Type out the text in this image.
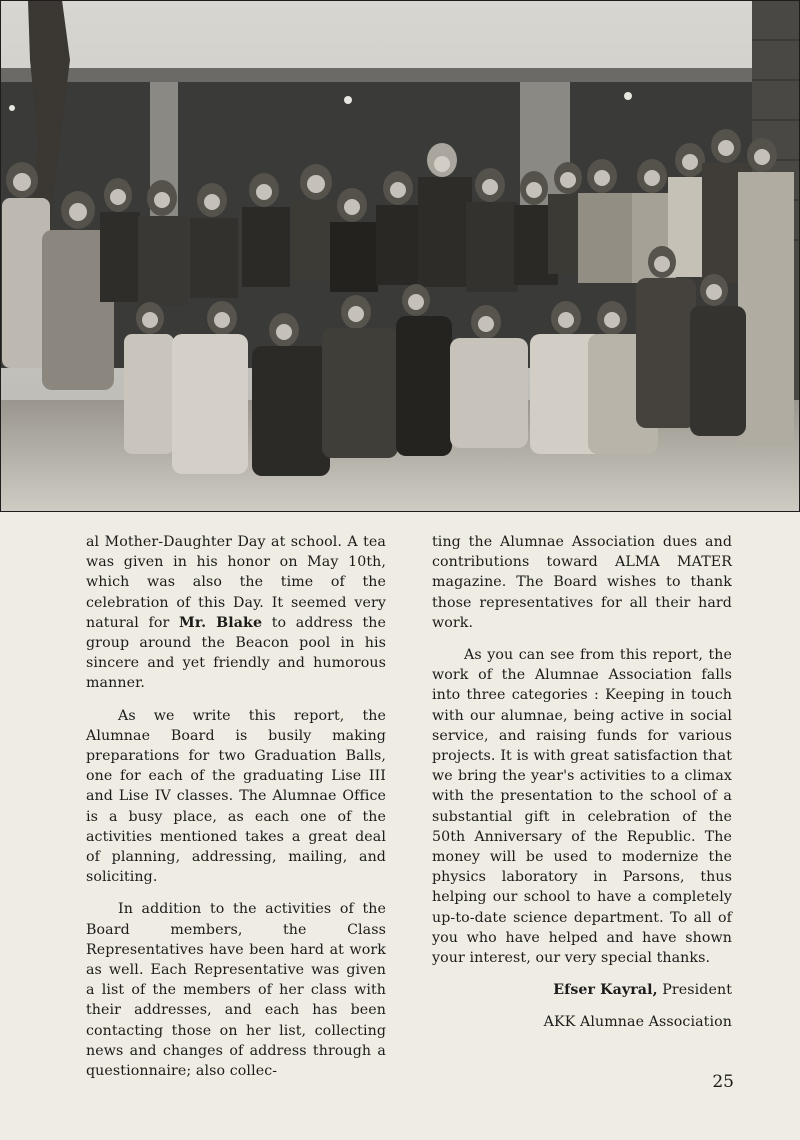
al Mother-Daughter Day at school. A tea was given in his honor on May 10th, which was also the time of the celebration of this Day. It seemed very natural for Mr. Blake to address the group around the Beacon pool in his sincere and yet friendly and humorous manner.

As we write this report, the Alumnae Board is busily making preparations for two Graduation Balls, one for each of the graduating Lise III and Lise IV classes. The Alumnae Office is a busy place, as each one of the activities mentioned takes a great deal of planning, addressing, mailing, and soliciting.

In addition to the activities of the Board members, the Class Representatives have been hard at work as well. Each Representative was given a list of the members of her class with their addresses, and each has been contacting those on her list, collecting news and changes of address through a questionnaire; also collec-

ting the Alumnae Association dues and contributions toward ALMA MATER magazine. The Board wishes to thank those representatives for all their hard work.

As you can see from this report, the work of the Alumnae Association falls into three categories : Keeping in touch with our alumnae, being active in social service, and raising funds for various projects. It is with great satisfaction that we bring the year's activities to a climax with the presentation to the school of a substantial gift in celebration of the 50th Anniversary of the Republic. The money will be used to modernize the physics laboratory in Parsons, thus helping our school to have a completely up-to-date science department. To all of you who have helped and have shown your interest, our very special thanks.

Efser Kayral, President

AKK Alumnae Association

25
